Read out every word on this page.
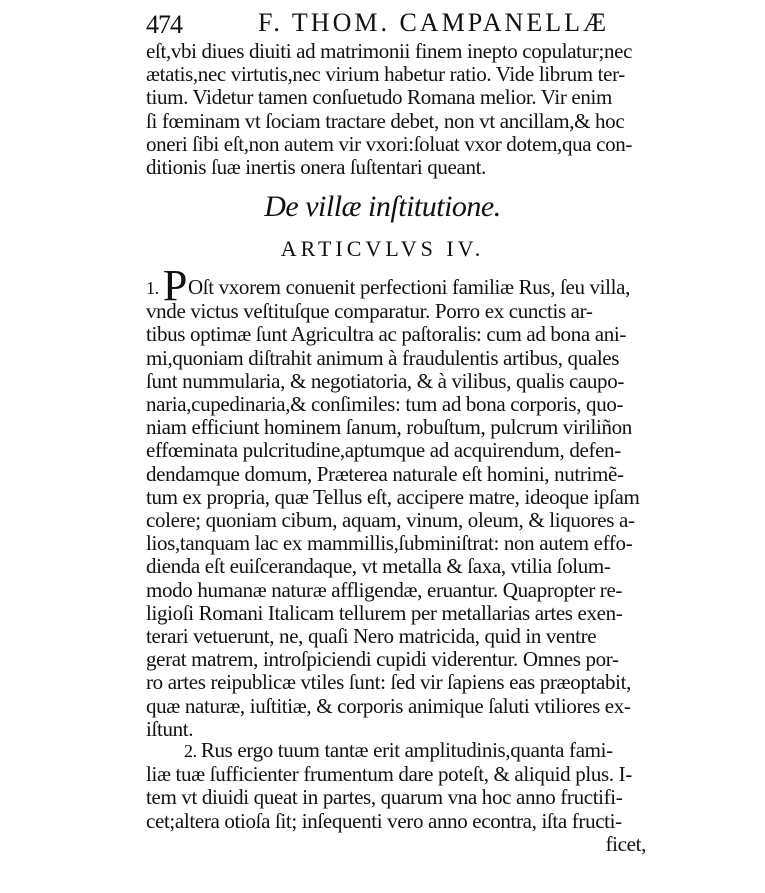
474	F. THOM. CAMPANELLÆ
eſt,vbi diues diuiti ad matrimonii finem inepto copulatur;nec
ætatis,nec virtutis,nec virium habetur ratio. Vide librum ter-
tium. Videtur tamen conſuetudo Romana melior. Vir enim
ſi fœminam vt ſociam tractare debet, non vt ancillam,& hoc
oneri ſibi eſt,non autem vir vxori:ſoluat vxor dotem,qua con-
ditionis ſuæ inertis onera ſuſtentari queant.
De villæ inſtitutione.
ARTICVLVS IV.
1.POſt vxorem conuenit perfectioni familiæ Rus, ſeu villa,
vnde victus veſtituſque comparatur. Porro ex cunctis ar-
tibus optimæ ſunt Agricultra ac paſtoralis: cum ad bona ani-
mi,quoniam diſtrahit animum à fraudulentis artibus, quales
ſunt nummularia, & negotiatoria, & à vilibus, qualis caupo-
naria,cupedinaria,& conſimiles: tum ad bona corporis, quo-
niam efficiunt hominem ſanum, robuſtum, pulcrum viriliñon
effœminata pulcritudine,aptumque ad acquirendum, defen-
dendamque domum, Præterea naturale eſt homini, nutrimẽ-
tum ex propria, quæ Tellus eſt, accipere matre, ideoque ipſam
colere; quoniam cibum, aquam, vinum, oleum, & liquores a-
lios,tanquam lac ex mammillis,ſubminiſtrat: non autem effo-
dienda eſt euiſcerandaque, vt metalla & ſaxa, vtilia ſolum-
modo humanæ naturæ affligendæ, eruantur. Quapropter re-
ligioſi Romani Italicam tellurem per metallarias artes exen-
terari vetuerunt, ne, quaſi Nero matricida, quid in ventre
gerat matrem, introſpiciendi cupidi viderentur. Omnes por-
ro artes reipublicæ vtiles ſunt: ſed vir ſapiens eas præoptabit,
quæ naturæ, iuſtitiæ, & corporis animique ſaluti vtiliores ex-
iſtunt.
2. Rus ergo tuum tantæ erit amplitudinis,quanta fami-
liæ tuæ ſufficienter frumentum dare poteſt, & aliquid plus. I-
tem vt diuidi queat in partes, quarum vna hoc anno fructifi-
cet;altera otioſa ſit; inſequenti vero anno econtra, iſta fructi-
ficet,
